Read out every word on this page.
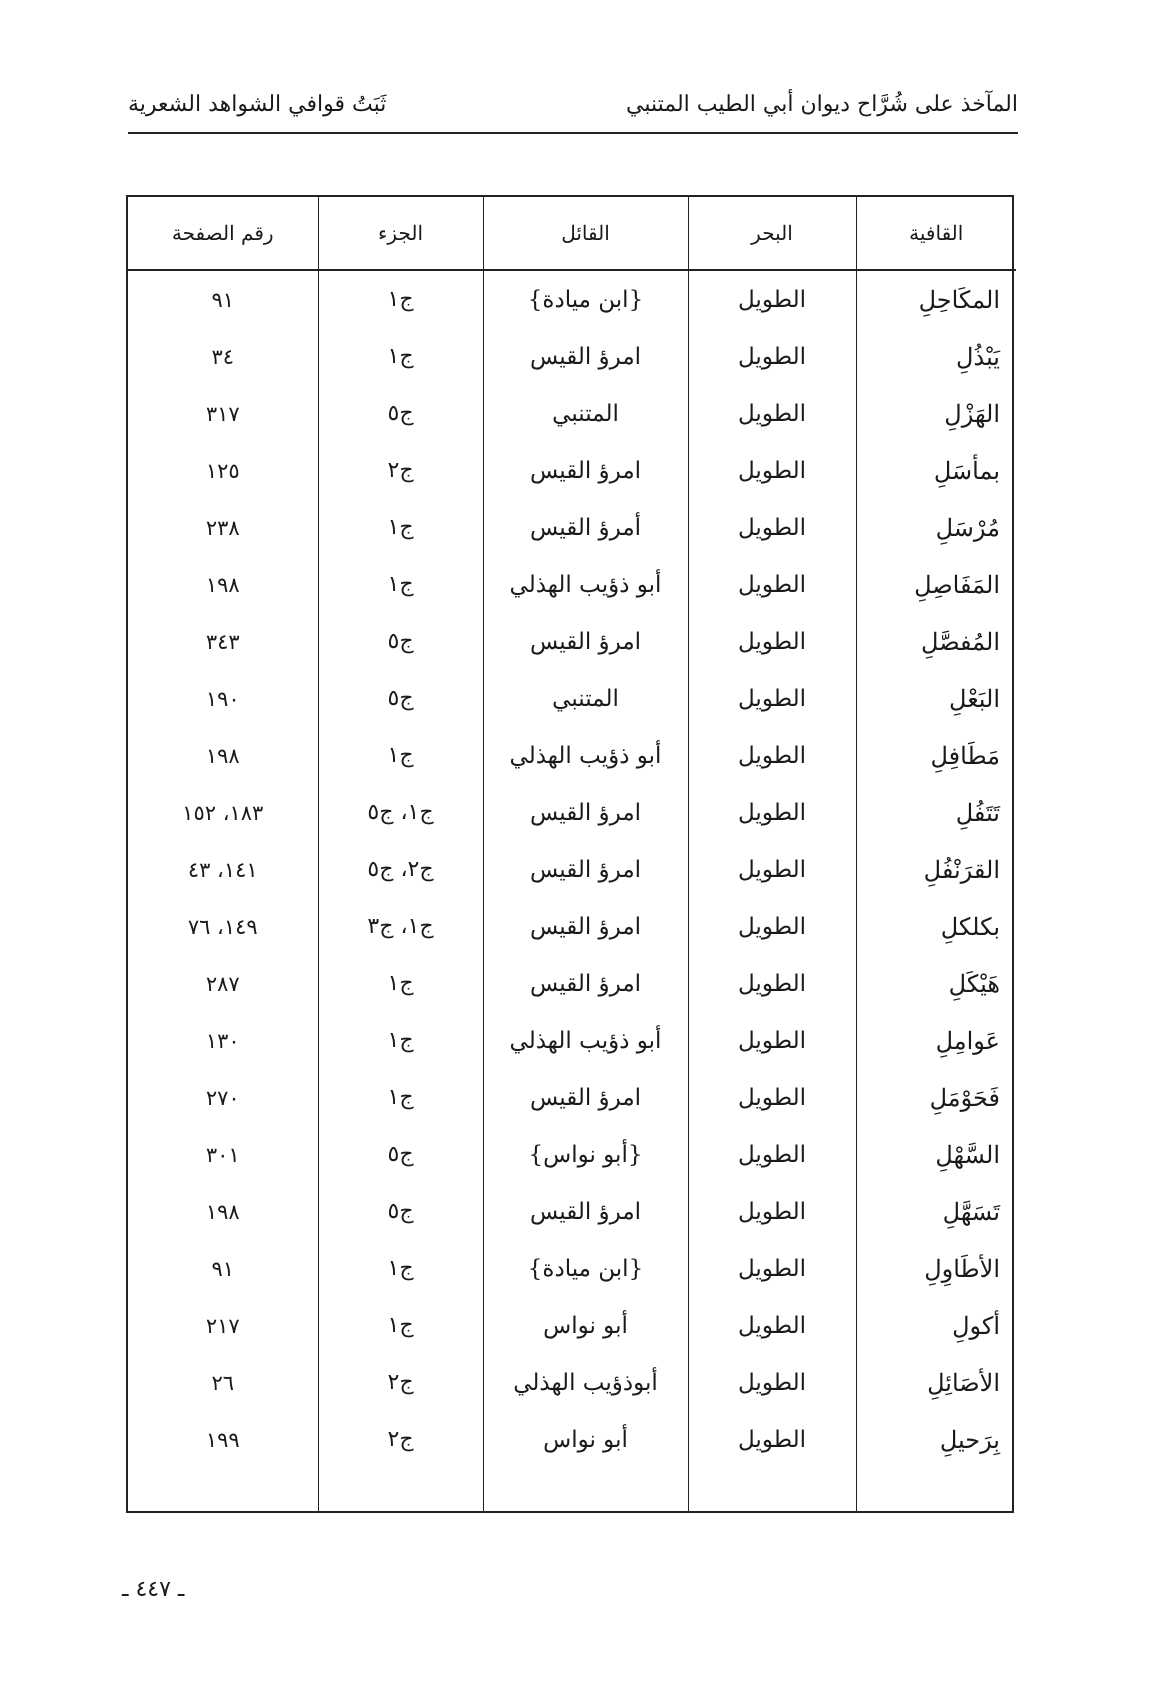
المآخذ على شُرَّاح ديوان أبي الطيب المتنبي
ثَبَتُ قوافي الشواهد الشعرية
القافية	البحر	القائل	الجزء	رقم الصفحة
المكَاحِلِ	الطويل	{ابن ميادة}	ج١	٩١
يَبْذُلِ	الطويل	امرؤ القيس	ج١	٣٤
الهَزْلِ	الطويل	المتنبي	ج٥	٣١٧
بمأسَلِ	الطويل	امرؤ القيس	ج٢	١٢٥
مُرْسَلِ	الطويل	أمرؤ القيس	ج١	٢٣٨
المَفَاصِلِ	الطويل	أبو ذؤيب الهذلي	ج١	١٩٨
المُفصَّلِ	الطويل	امرؤ القيس	ج٥	٣٤٣
البَعْلِ	الطويل	المتنبي	ج٥	١٩٠
مَطَافِلِ	الطويل	أبو ذؤيب الهذلي	ج١	١٩٨
تَتَفُلِ	الطويل	امرؤ القيس	ج١، ج٥	١٨٣، ١٥٢
القرَنْفُلِ	الطويل	امرؤ القيس	ج٢، ج٥	١٤١، ٤٣
بكلكلِ	الطويل	امرؤ القيس	ج١، ج٣	١٤٩، ٧٦
هَيْكَلِ	الطويل	امرؤ القيس	ج١	٢٨٧
عَوامِلِ	الطويل	أبو ذؤيب الهذلي	ج١	١٣٠
فَحَوْمَلِ	الطويل	امرؤ القيس	ج١	٢٧٠
السَّهْلِ	الطويل	{أبو نواس}	ج٥	٣٠١
تَسَهَّلِ	الطويل	امرؤ القيس	ج٥	١٩٨
الأطَاوِلِ	الطويل	{ابن ميادة}	ج١	٩١
أكولِ	الطويل	أبو نواس	ج١	٢١٧
الأصَائِلِ	الطويل	أبوذؤيب الهذلي	ج٢	٢٦
بِرَحيلِ	الطويل	أبو نواس	ج٢	١٩٩

ـ ٤٤٧ ـ
